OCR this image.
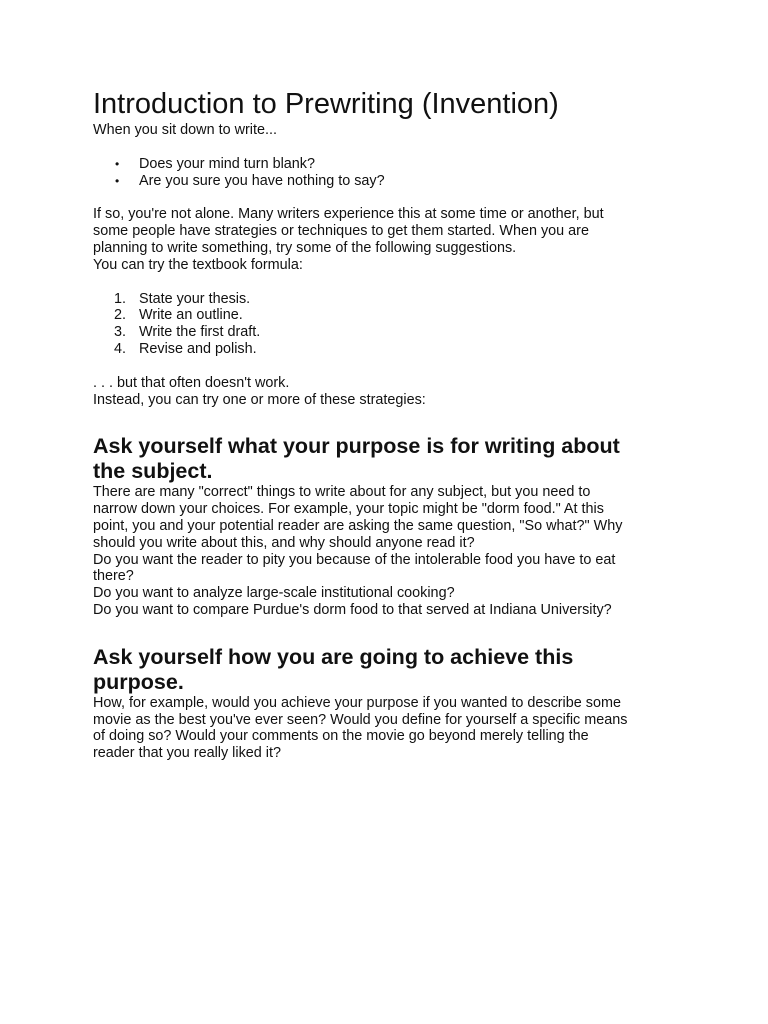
Introduction to Prewriting (Invention)

When you sit down to write...

• Does your mind turn blank?
• Are you sure you have nothing to say?

If so, you're not alone. Many writers experience this at some time or another, but

some people have strategies or techniques to get them started. When you are

planning to write something, try some of the following suggestions.

You can try the textbook formula:

1. State your thesis.
2. Write an outline.
3. Write the first draft.
4. Revise and polish.

. . . but that often doesn't work.

Instead, you can try one or more of these strategies:

Ask yourself what your purpose is for writing about
the subject.

There are many "correct" things to write about for any subject, but you need to

narrow down your choices. For example, your topic might be "dorm food." At this

point, you and your potential reader are asking the same question, "So what?" Why

should you write about this, and why should anyone read it?

Do you want the reader to pity you because of the intolerable food you have to eat

there?

Do you want to analyze large-scale institutional cooking?

Do you want to compare Purdue's dorm food to that served at Indiana University?

Ask yourself how you are going to achieve this
purpose.

How, for example, would you achieve your purpose if you wanted to describe some

movie as the best you've ever seen? Would you define for yourself a specific means

of doing so? Would your comments on the movie go beyond merely telling the

reader that you really liked it?
